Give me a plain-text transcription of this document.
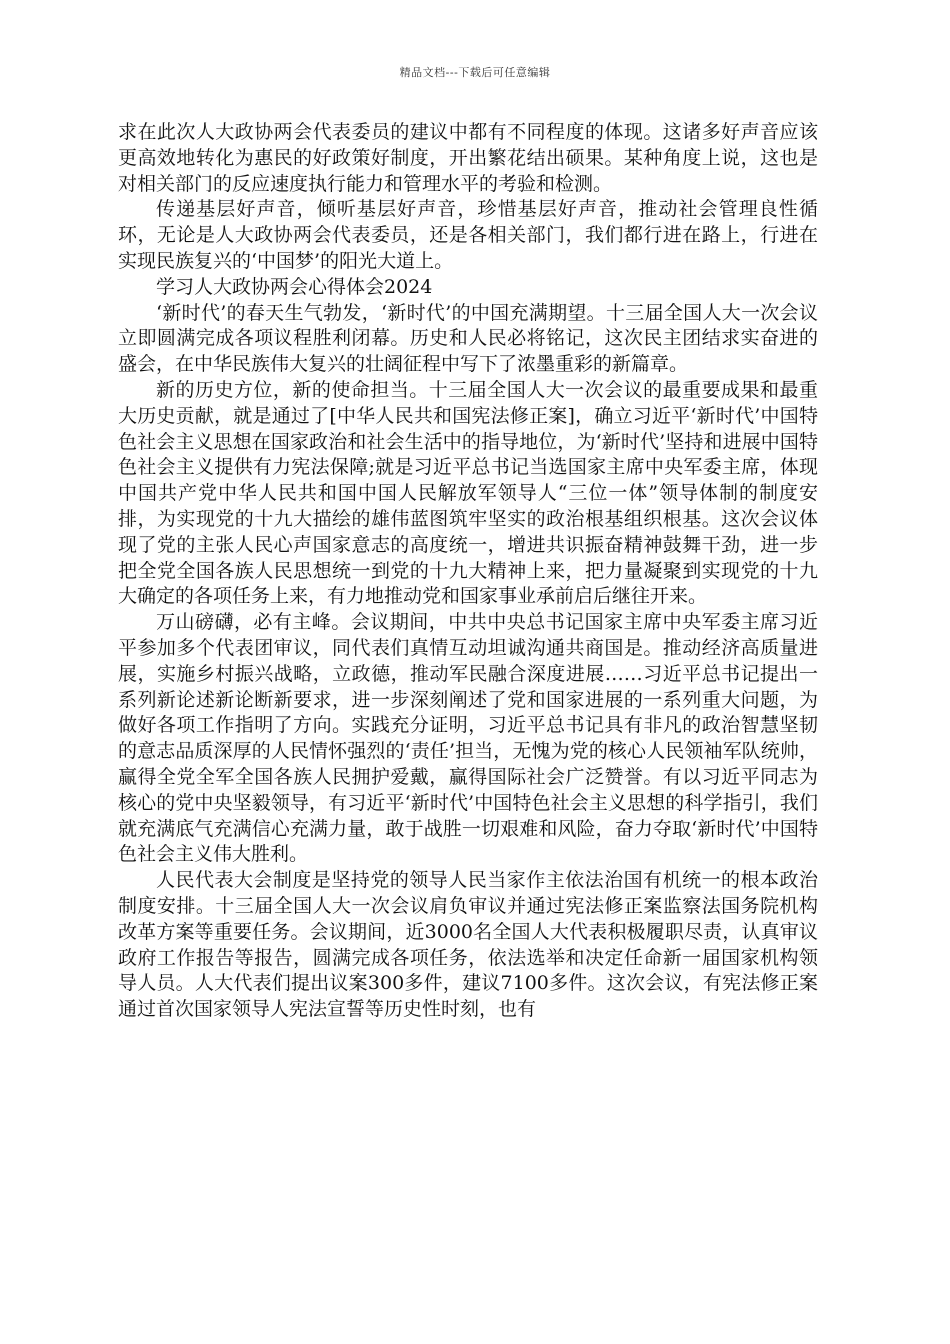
精品文档---下载后可任意编辑

求在此次人大政协两会代表委员的建议中都有不同程度的体现。这诸多好声音应该更高效地转化为惠民的好政策好制度，开出繁花结出硕果。某种角度上说，这也是对相关部门的反应速度执行能力和管理水平的考验和检测。

传递基层好声音，倾听基层好声音，珍惜基层好声音，推动社会管理良性循环，无论是人大政协两会代表委员，还是各相关部门，我们都行进在路上，行进在实现民族复兴的‘中国梦’的阳光大道上。

学习人大政协两会心得体会2024

‘新时代’的春天生气勃发，‘新时代’的中国充满期望。十三届全国人大一次会议立即圆满完成各项议程胜利闭幕。历史和人民必将铭记，这次民主团结求实奋进的盛会，在中华民族伟大复兴的壮阔征程中写下了浓墨重彩的新篇章。

新的历史方位，新的使命担当。十三届全国人大一次会议的最重要成果和最重大历史贡献，就是通过了[中华人民共和国宪法修正案]，确立习近平‘新时代’中国特色社会主义思想在国家政治和社会生活中的指导地位，为‘新时代’坚持和进展中国特色社会主义提供有力宪法保障;就是习近平总书记当选国家主席中央军委主席，体现中国共产党中华人民共和国中国人民解放军领导人“三位一体”领导体制的制度安排，为实现党的十九大描绘的雄伟蓝图筑牢坚实的政治根基组织根基。这次会议体现了党的主张人民心声国家意志的高度统一，增进共识振奋精神鼓舞干劲，进一步把全党全国各族人民思想统一到党的十九大精神上来，把力量凝聚到实现党的十九大确定的各项任务上来，有力地推动党和国家事业承前启后继往开来。

万山磅礴，必有主峰。会议期间，中共中央总书记国家主席中央军委主席习近平参加多个代表团审议，同代表们真情互动坦诚沟通共商国是。推动经济高质量进展，实施乡村振兴战略，立政德，推动军民融合深度进展……习近平总书记提出一系列新论述新论断新要求，进一步深刻阐述了党和国家进展的一系列重大问题，为做好各项工作指明了方向。实践充分证明，习近平总书记具有非凡的政治智慧坚韧的意志品质深厚的人民情怀强烈的‘责任’担当，无愧为党的核心人民领袖军队统帅，赢得全党全军全国各族人民拥护爱戴，赢得国际社会广泛赞誉。有以习近平同志为核心的党中央坚毅领导，有习近平‘新时代’中国特色社会主义思想的科学指引，我们就充满底气充满信心充满力量，敢于战胜一切艰难和风险，奋力夺取‘新时代’中国特色社会主义伟大胜利。

人民代表大会制度是坚持党的领导人民当家作主依法治国有机统一的根本政治制度安排。十三届全国人大一次会议肩负审议并通过宪法修正案监察法国务院机构改革方案等重要任务。会议期间，近3000名全国人大代表积极履职尽责，认真审议政府工作报告等报告，圆满完成各项任务，依法选举和决定任命新一届国家机构领导人员。人大代表们提出议案300多件，建议7100多件。这次会议，有宪法修正案通过首次国家领导人宪法宣誓等历史性时刻，也有
